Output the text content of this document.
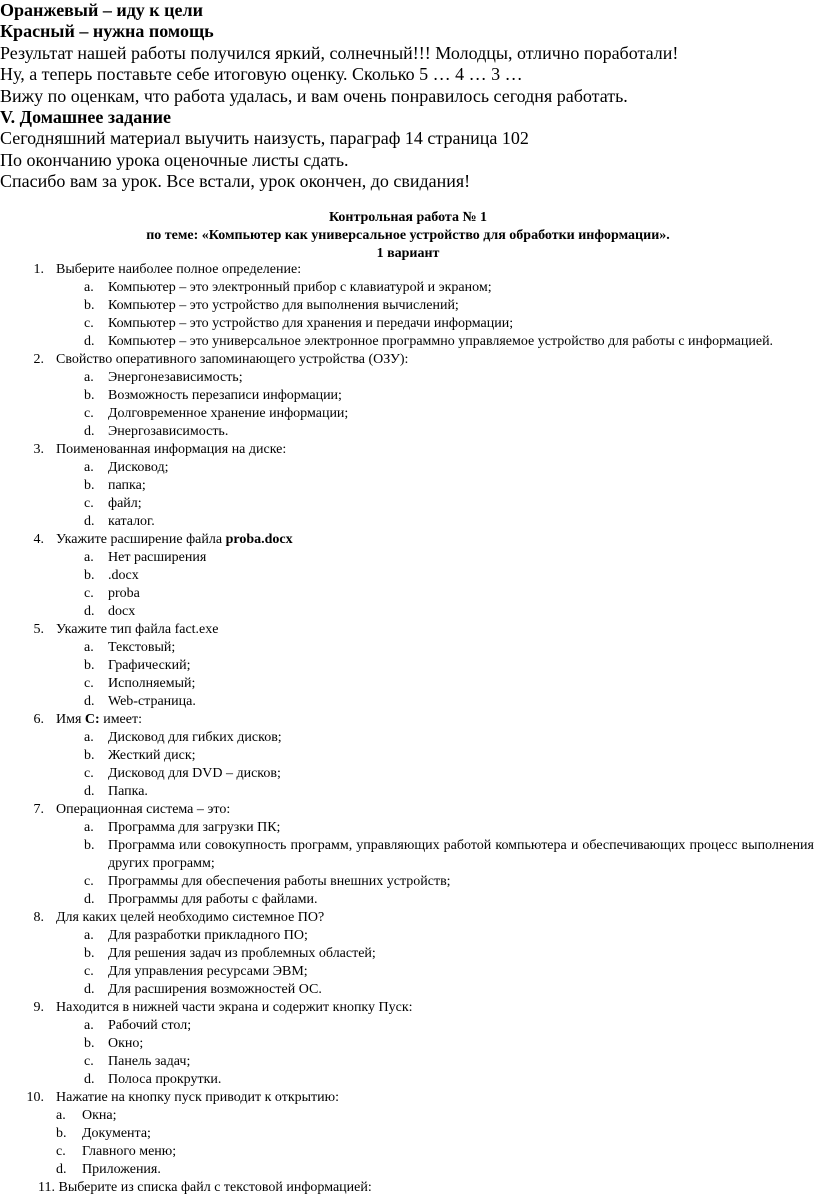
Оранжевый – иду к цели
Красный – нужна помощь
Результат нашей работы получился яркий, солнечный!!! Молодцы, отлично поработали!
Ну, а теперь поставьте себе итоговую оценку. Сколько 5 … 4 … 3 …
Вижу по оценкам, что работа удалась, и вам очень понравилось сегодня работать.
V. Домашнее задание
Сегодняшний материал выучить наизусть, параграф 14 страница 102
По окончанию урока оценочные листы сдать.
Спасибо вам за урок. Все встали, урок окончен, до свидания!
Контрольная работа № 1
по теме: «Компьютер как универсальное устройство для обработки информации».
1 вариант
1. Выберите наиболее полное определение:
a. Компьютер – это электронный прибор с клавиатурой и экраном;
b. Компьютер – это устройство для выполнения вычислений;
c. Компьютер – это устройство для хранения и передачи информации;
d. Компьютер – это универсальное электронное программно управляемое устройство для работы с информацией.
2. Свойство оперативного запоминающего устройства (ОЗУ):
a. Энергонезависимость;
b. Возможность перезаписи информации;
c. Долговременное хранение информации;
d. Энергозависимость.
3. Поименованная информация на диске:
a. Дисковод;
b. папка;
c. файл;
d. каталог.
4. Укажите расширение файла proba.docx
a. Нет расширения
b. .docx
c. proba
d. docx
5. Укажите тип файла fact.exe
a. Текстовый;
b. Графический;
c. Исполняемый;
d. Web-страница.
6. Имя С: имеет:
a. Дисковод для гибких дисков;
b. Жесткий диск;
c. Дисковод для DVD – дисков;
d. Папка.
7. Операционная система – это:
a. Программа для загрузки ПК;
b. Программа или совокупность программ, управляющих работой компьютера и обеспечивающих процесс выполнения других программ;
c. Программы для обеспечения работы внешних устройств;
d. Программы для работы с файлами.
8. Для каких целей необходимо системное ПО?
a. Для разработки прикладного ПО;
b. Для решения задач из проблемных областей;
c. Для управления ресурсами ЭВМ;
d. Для расширения возможностей ОС.
9. Находится в нижней части экрана и содержит кнопку Пуск:
a. Рабочий стол;
b. Окно;
c. Панель задач;
d. Полоса прокрутки.
10. Нажатие на кнопку пуск приводит к открытию:
a. Окна;
b. Документа;
c. Главного меню;
d. Приложения.
11. Выберите из списка файл с текстовой информацией:
